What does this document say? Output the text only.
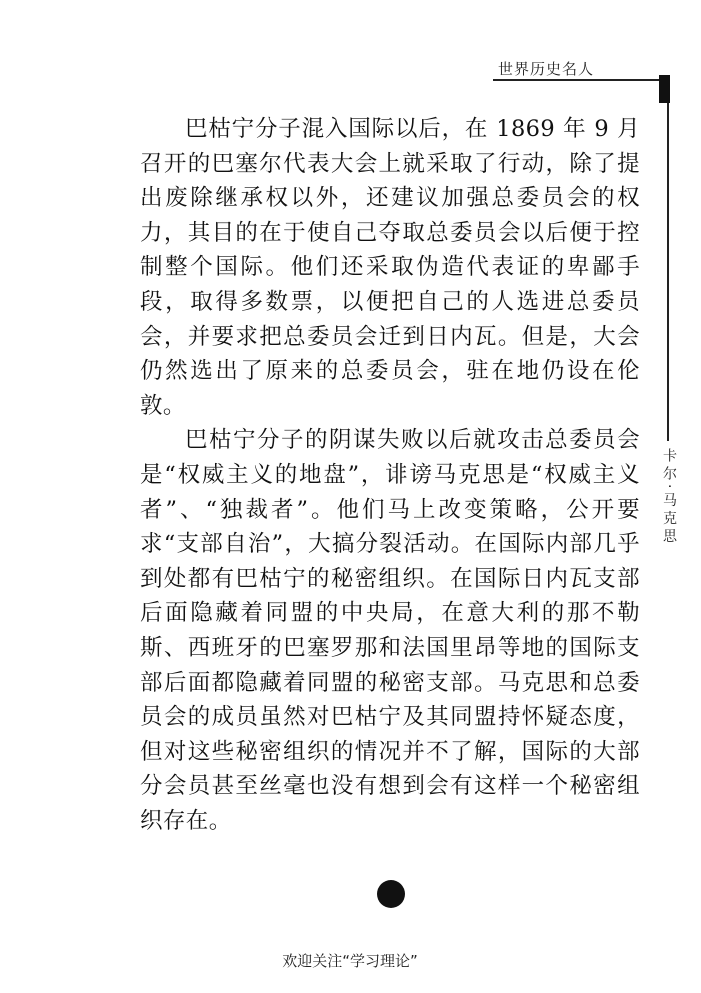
世界历史名人
卡尔·马克思

巴枯宁分子混入国际以后，在 1869 年 9 月召开的巴塞尔代表大会上就采取了行动，除了提出废除继承权以外，还建议加强总委员会的权力，其目的在于使自己夺取总委员会以后便于控制整个国际。他们还采取伪造代表证的卑鄙手段，取得多数票，以便把自己的人选进总委员会，并要求把总委员会迁到日内瓦。但是，大会仍然选出了原来的总委员会，驻在地仍设在伦敦。

巴枯宁分子的阴谋失败以后就攻击总委员会是“权威主义的地盘”，诽谤马克思是“权威主义者”、“独裁者”。他们马上改变策略，公开要求“支部自治”，大搞分裂活动。在国际内部几乎到处都有巴枯宁的秘密组织。在国际日内瓦支部后面隐藏着同盟的中央局，在意大利的那不勒斯、西班牙的巴塞罗那和法国里昂等地的国际支部后面都隐藏着同盟的秘密支部。马克思和总委员会的成员虽然对巴枯宁及其同盟持怀疑态度，但对这些秘密组织的情况并不了解，国际的大部分会员甚至丝毫也没有想到会有这样一个秘密组织存在。

欢迎关注“学习理论”
